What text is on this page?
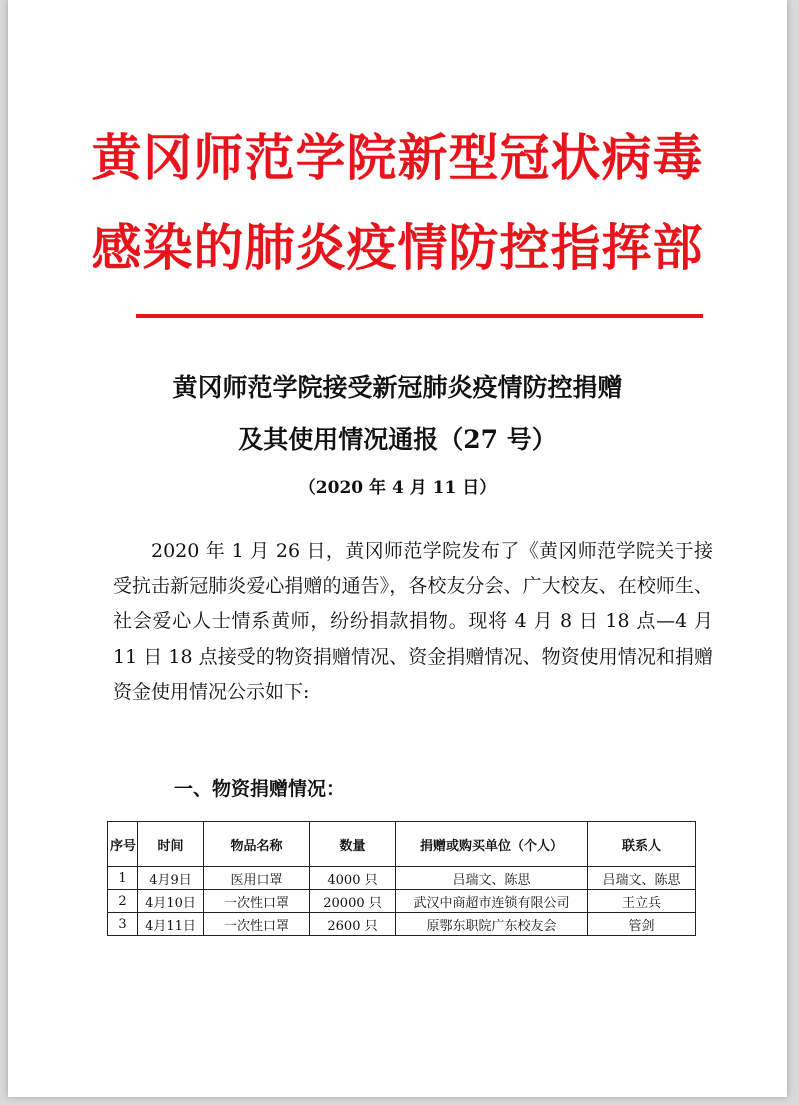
黄冈师范学院新型冠状病毒
感染的肺炎疫情防控指挥部
黄冈师范学院接受新冠肺炎疫情防控捐赠
及其使用情况通报（27 号）
（2020 年 4 月 11 日）

2020 年 1 月 26 日，黄冈师范学院发布了《黄冈师范学院关于接受抗击新冠肺炎爱心捐赠的通告》，各校友分会、广大校友、在校师生、社会爱心人士情系黄师，纷纷捐款捐物。现将 4 月 8 日 18 点—4 月 11 日 18 点接受的物资捐赠情况、资金捐赠情况、物资使用情况和捐赠资金使用情况公示如下:

一、物资捐赠情况：
序号	时间	物品名称	数量	捐赠或购买单位（个人）	联系人
1	4月9日	医用口罩	4000 只	吕瑞文、陈思	吕瑞文、陈思
2	4月10日	一次性口罩	20000 只	武汉中商超市连锁有限公司	王立兵
3	4月11日	一次性口罩	2600 只	原鄂东职院广东校友会	管剑
